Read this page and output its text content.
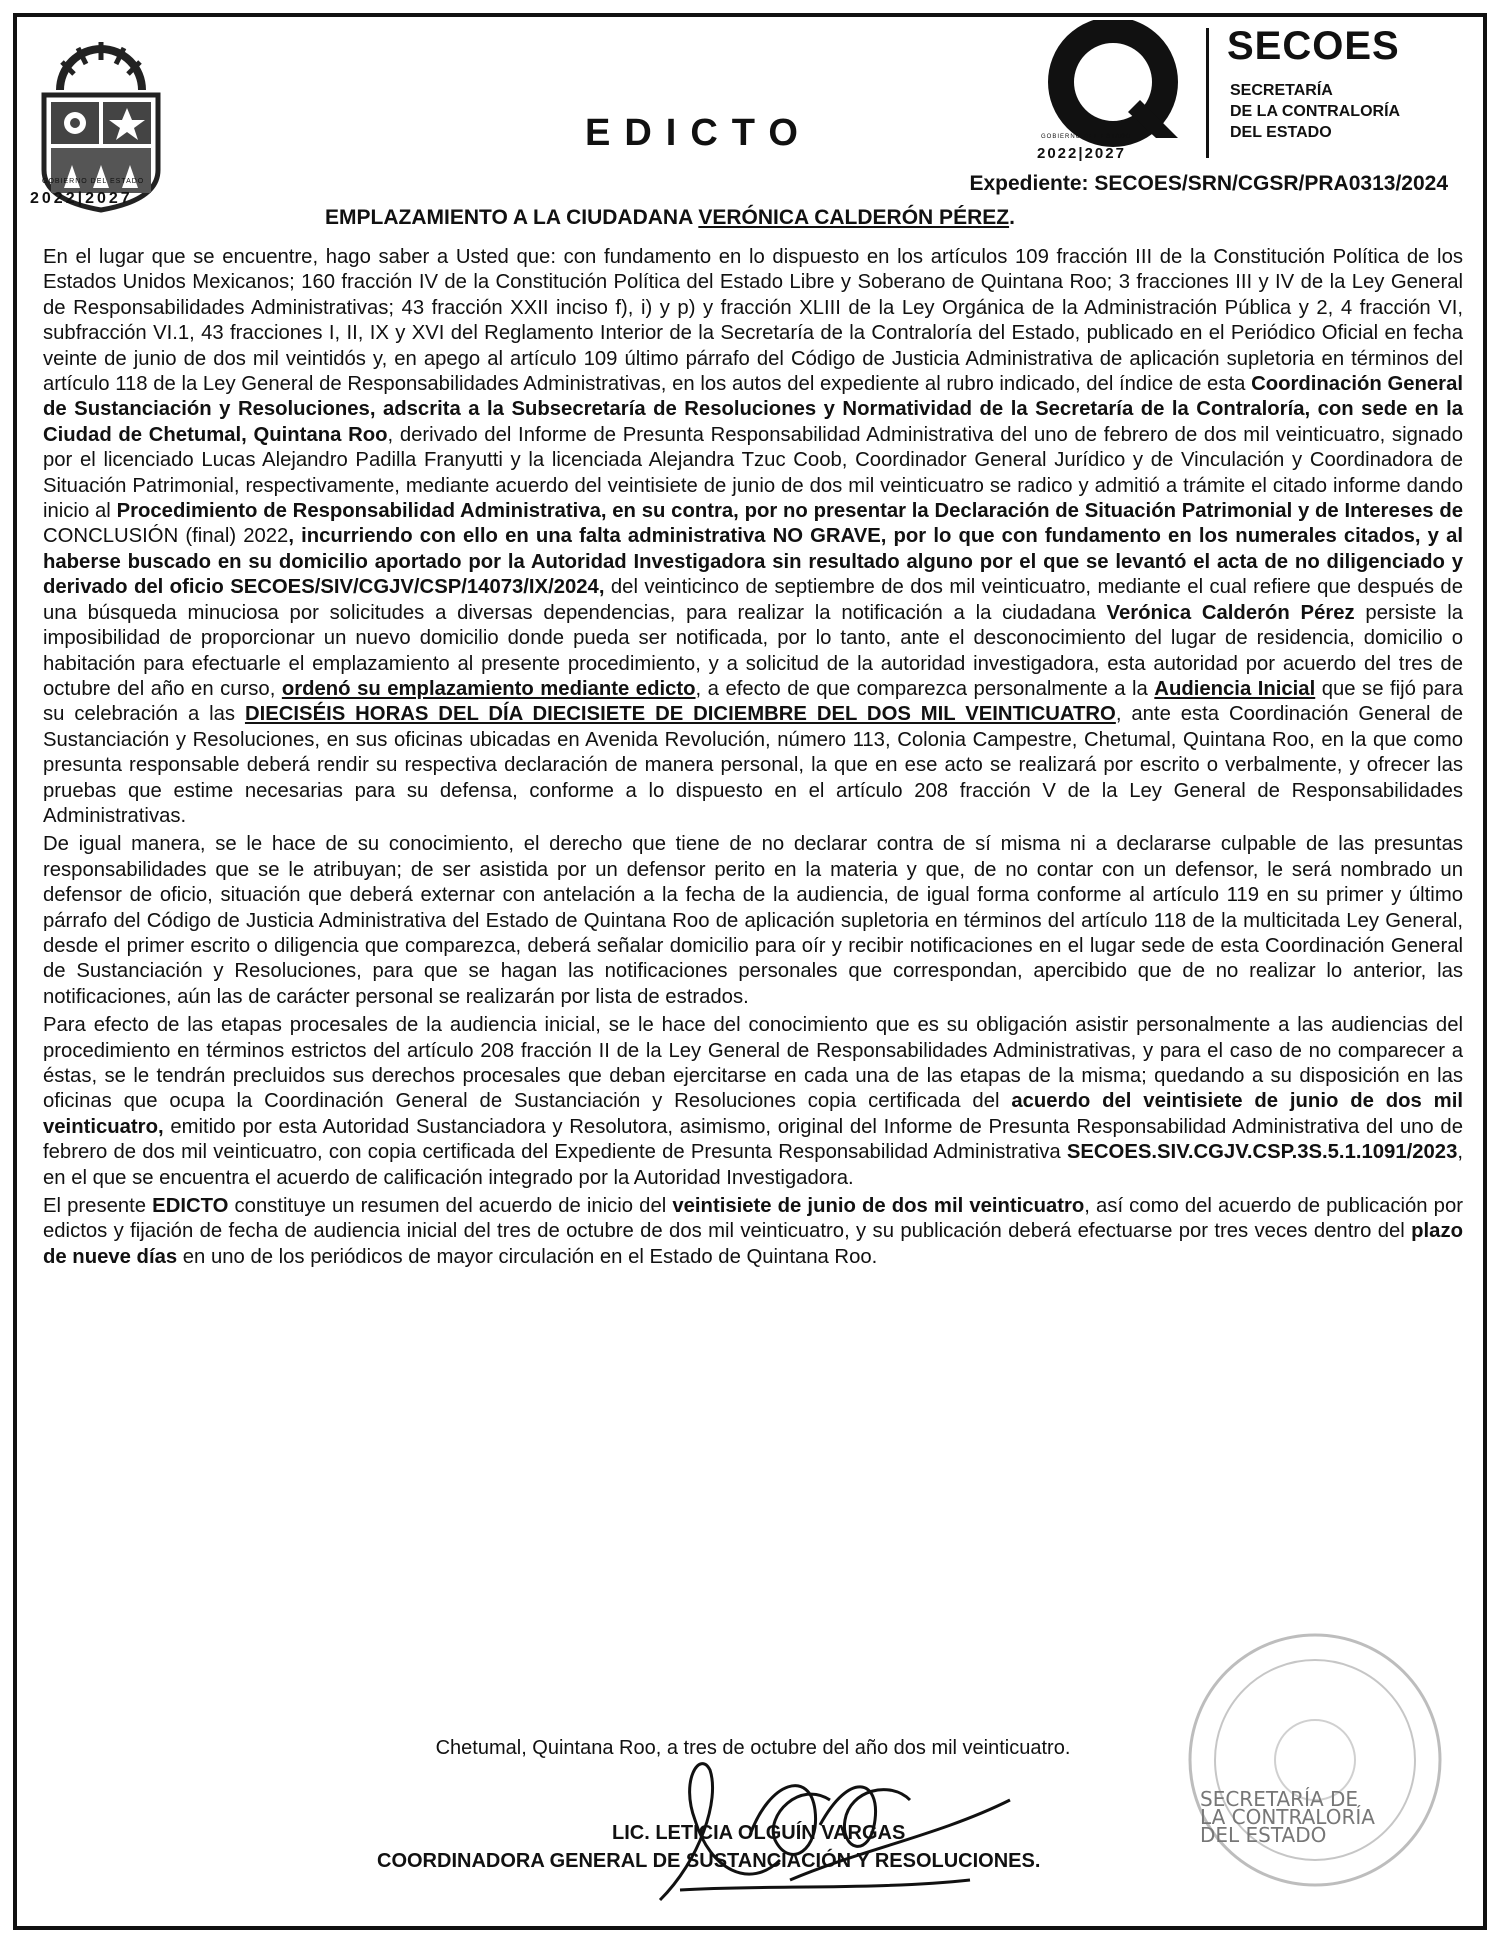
GOBIERNO DEL ESTADO
2022|2027
EDICTO	GOBIERNO DEL ESTADO
2022|2027
SECOES
SECRETARÍA
DE LA CONTRALORÍA
DEL ESTADO
Expediente: SECOES/SRN/CGSR/PRA0313/2024
EMPLAZAMIENTO A LA CIUDADANA VERÓNICA CALDERÓN PÉREZ.

En el lugar que se encuentre, hago saber a Usted que: con fundamento en lo dispuesto en los artículos 109 fracción III de la Constitución Política de los Estados Unidos Mexicanos; 160 fracción IV de la Constitución Política del Estado Libre y Soberano de Quintana Roo; 3 fracciones III y IV de la Ley General de Responsabilidades Administrativas; 43 fracción XXII inciso f), i) y p) y fracción XLIII de la Ley Orgánica de la Administración Pública y 2, 4 fracción VI, subfracción VI.1, 43 fracciones I, II, IX y XVI del Reglamento Interior de la Secretaría de la Contraloría del Estado, publicado en el Periódico Oficial en fecha veinte de junio de dos mil veintidós y, en apego al artículo 109 último párrafo del Código de Justicia Administrativa de aplicación supletoria en términos del artículo 118 de la Ley General de Responsabilidades Administrativas, en los autos del expediente al rubro indicado, del índice de esta Coordinación General de Sustanciación y Resoluciones, adscrita a la Subsecretaría de Resoluciones y Normatividad de la Secretaría de la Contraloría, con sede en la Ciudad de Chetumal, Quintana Roo, derivado del Informe de Presunta Responsabilidad Administrativa del uno de febrero de dos mil veinticuatro, signado por el licenciado Lucas Alejandro Padilla Franyutti y la licenciada Alejandra Tzuc Coob, Coordinador General Jurídico y de Vinculación y Coordinadora de Situación Patrimonial, respectivamente, mediante acuerdo del veintisiete de junio de dos mil veinticuatro se radico y admitió a trámite el citado informe dando inicio al Procedimiento de Responsabilidad Administrativa, en su contra, por no presentar la Declaración de Situación Patrimonial y de Intereses de CONCLUSIÓN (final) 2022, incurriendo con ello en una falta administrativa NO GRAVE, por lo que con fundamento en los numerales citados, y al haberse buscado en su domicilio aportado por la Autoridad Investigadora sin resultado alguno por el que se levantó el acta de no diligenciado y derivado del oficio SECOES/SIV/CGJV/CSP/14073/IX/2024, del veinticinco de septiembre de dos mil veinticuatro, mediante el cual refiere que después de una búsqueda minuciosa por solicitudes a diversas dependencias, para realizar la notificación a la ciudadana Verónica Calderón Pérez persiste la imposibilidad de proporcionar un nuevo domicilio donde pueda ser notificada, por lo tanto, ante el desconocimiento del lugar de residencia, domicilio o habitación para efectuarle el emplazamiento al presente procedimiento, y a solicitud de la autoridad investigadora, esta autoridad por acuerdo del tres de octubre del año en curso, ordenó su emplazamiento mediante edicto, a efecto de que comparezca personalmente a la Audiencia Inicial que se fijó para su celebración a las DIECISÉIS HORAS DEL DÍA DIECISIETE DE DICIEMBRE DEL DOS MIL VEINTICUATRO, ante esta Coordinación General de Sustanciación y Resoluciones, en sus oficinas ubicadas en Avenida Revolución, número 113, Colonia Campestre, Chetumal, Quintana Roo, en la que como presunta responsable deberá rendir su respectiva declaración de manera personal, la que en ese acto se realizará por escrito o verbalmente, y ofrecer las pruebas que estime necesarias para su defensa, conforme a lo dispuesto en el artículo 208 fracción V de la Ley General de Responsabilidades Administrativas.

De igual manera, se le hace de su conocimiento, el derecho que tiene de no declarar contra de sí misma ni a declararse culpable de las presuntas responsabilidades que se le atribuyan; de ser asistida por un defensor perito en la materia y que, de no contar con un defensor, le será nombrado un defensor de oficio, situación que deberá externar con antelación a la fecha de la audiencia, de igual forma conforme al artículo 119 en su primer y último párrafo del Código de Justicia Administrativa del Estado de Quintana Roo de aplicación supletoria en términos del artículo 118 de la multicitada Ley General, desde el primer escrito o diligencia que comparezca, deberá señalar domicilio para oír y recibir notificaciones en el lugar sede de esta Coordinación General de Sustanciación y Resoluciones, para que se hagan las notificaciones personales que correspondan, apercibido que de no realizar lo anterior, las notificaciones, aún las de carácter personal se realizarán por lista de estrados.

Para efecto de las etapas procesales de la audiencia inicial, se le hace del conocimiento que es su obligación asistir personalmente a las audiencias del procedimiento en términos estrictos del artículo 208 fracción II de la Ley General de Responsabilidades Administrativas, y para el caso de no comparecer a éstas, se le tendrán precluidos sus derechos procesales que deban ejercitarse en cada una de las etapas de la misma; quedando a su disposición en las oficinas que ocupa la Coordinación General de Sustanciación y Resoluciones copia certificada del acuerdo del veintisiete de junio de dos mil veinticuatro, emitido por esta Autoridad Sustanciadora y Resolutora, asimismo, original del Informe de Presunta Responsabilidad Administrativa del uno de febrero de dos mil veinticuatro, con copia certificada del Expediente de Presunta Responsabilidad Administrativa SECOES.SIV.CGJV.CSP.3S.5.1.1091/2023, en el que se encuentra el acuerdo de calificación integrado por la Autoridad Investigadora.

El presente EDICTO constituye un resumen del acuerdo de inicio del veintisiete de junio de dos mil veinticuatro, así como del acuerdo de publicación por edictos y fijación de fecha de audiencia inicial del tres de octubre de dos mil veinticuatro, y su publicación deberá efectuarse por tres veces dentro del plazo de nueve días en uno de los periódicos de mayor circulación en el Estado de Quintana Roo.

SECRETARÍA DE
LA CONTRALORÍA
DEL ESTADO
Chetumal, Quintana Roo, a tres de octubre del año dos mil veinticuatro.
LIC. LETICIA OLGUÍN VARGAS
COORDINADORA GENERAL DE SUSTANCIACIÓN Y RESOLUCIONES.
